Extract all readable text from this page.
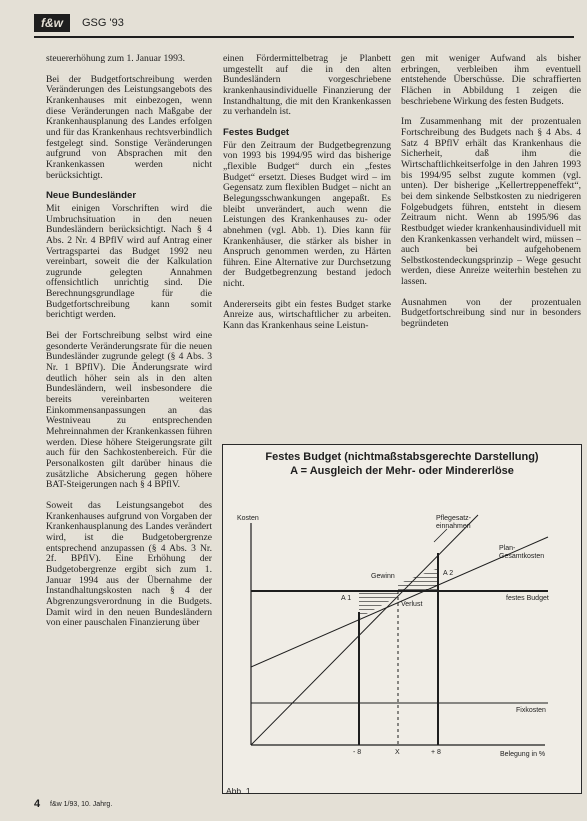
f&w	GSG '93

steuererhöhung zum 1. Januar 1993.

Bei der Budgetfortschreibung werden Veränderungen des Leistungsangebots des Krankenhauses mit einbezogen, wenn diese Veränderungen nach Maßgabe der Krankenhausplanung des Landes erfolgen und für das Krankenhaus rechtsverbindlich festgelegt sind. Sonstige Veränderungen aufgrund von Absprachen mit den Krankenkassen werden nicht berücksichtigt.

Neue Bundesländer

Mit einigen Vorschriften wird die Umbruchsituation in den neuen Bundesländern berücksichtigt. Nach § 4 Abs. 2 Nr. 4 BPflV wird auf Antrag einer Vertragspartei das Budget 1992 neu vereinbart, soweit die der Kalkulation zugrunde gelegten Annahmen offensichtlich unrichtig sind. Die Berechnungsgrundlage für die Budgetfortschreibung kann somit berichtigt werden.

Bei der Fortschreibung selbst wird eine gesonderte Veränderungsrate für die neuen Bundesländer zugrunde gelegt (§ 4 Abs. 3 Nr. 1 BPflV). Die Änderungsrate wird deutlich höher sein als in den alten Bundesländern, weil insbesondere die bereits vereinbarten weiteren Einkommensanpassungen an das Westniveau zu entsprechenden Mehreinnahmen der Krankenkassen führen werden. Diese höhere Steigerungsrate gilt auch für den Sachkostenbereich. Für die Personalkosten gilt darüber hinaus die zusätzliche Absicherung gegen höhere BAT-Steigerungen nach § 4 BPflV.

Soweit das Leistungsangebot des Krankenhauses aufgrund von Vorgaben der Krankenhausplanung des Landes verändert wird, ist die Budgetobergrenze entsprechend anzupassen (§ 4 Abs. 3 Nr. 2f. BPflV). Eine Erhöhung der Budgetobergrenze ergibt sich zum 1. Januar 1994 aus der Übernahme der Instandhaltungskosten nach § 4 der Abgrenzungsverordnung in die Budgets. Damit wird in den neuen Bundesländern von einer pauschalen Finanzierung über

einen Fördermittelbetrag je Planbett umgestellt auf die in den alten Bundesländern vorgeschriebene krankenhausindividuelle Finanzierung der Instandhaltung, die mit den Krankenkassen zu verhandeln ist.

Festes Budget

Für den Zeitraum der Budgetbegrenzung von 1993 bis 1994/95 wird das bisherige „flexible Budget“ durch ein „festes Budget“ ersetzt. Dieses Budget wird – im Gegensatz zum flexiblen Budget – nicht an Belegungsschwankungen angepaßt. Es bleibt unverändert, auch wenn die Leistungen des Krankenhauses zu- oder abnehmen (vgl. Abb. 1). Dies kann für Krankenhäuser, die stärker als bisher in Anspruch genommen werden, zu Härten führen. Eine Alternative zur Durchsetzung der Budgetbegrenzung bestand jedoch nicht.

Andererseits gibt ein festes Budget starke Anreize aus, wirtschaftlicher zu arbeiten. Kann das Krankenhaus seine Leistun-

gen mit weniger Aufwand als bisher erbringen, verbleiben ihm eventuell entstehende Überschüsse. Die schraffierten Flächen in Abbildung 1 zeigen die beschriebene Wirkung des festen Budgets.

Im Zusammenhang mit der prozentualen Fortschreibung des Budgets nach § 4 Abs. 4 Satz 4 BPflV erhält das Krankenhaus die Sicherheit, daß ihm die Wirtschaftlichkeitserfolge in den Jahren 1993 bis 1994/95 selbst zugute kommen (vgl. unten). Der bisherige „Kellertreppeneffekt“, bei dem sinkende Selbstkosten zu niedrigeren Folgebudgets führen, entsteht in diesem Zeitraum nicht. Wenn ab 1995/96 das Restbudget wieder krankenhausindividuell mit den Krankenkassen verhandelt wird, müssen – auch bei aufgehobenem Selbstkostendeckungsprinzip – Wege gesucht werden, diese Anreize weiterhin bestehen zu lassen.

Ausnahmen von der prozentualen Budgetfortschreibung sind nur in besonders begründeten

Festes Budget (nichtmaßstabsgerechte Darstellung)
A = Ausgleich der Mehr- oder Mindererlöse
Kosten	Pflegesatz-
einnahmen
Plan-
Gesamtkosten
festes Budget
Fixkosten
Gewinn
Verlust
A 1
A 2
- 8	X	+ 8	Belegung in %
Abb. 1
4 f&w 1/93, 10. Jahrg.
